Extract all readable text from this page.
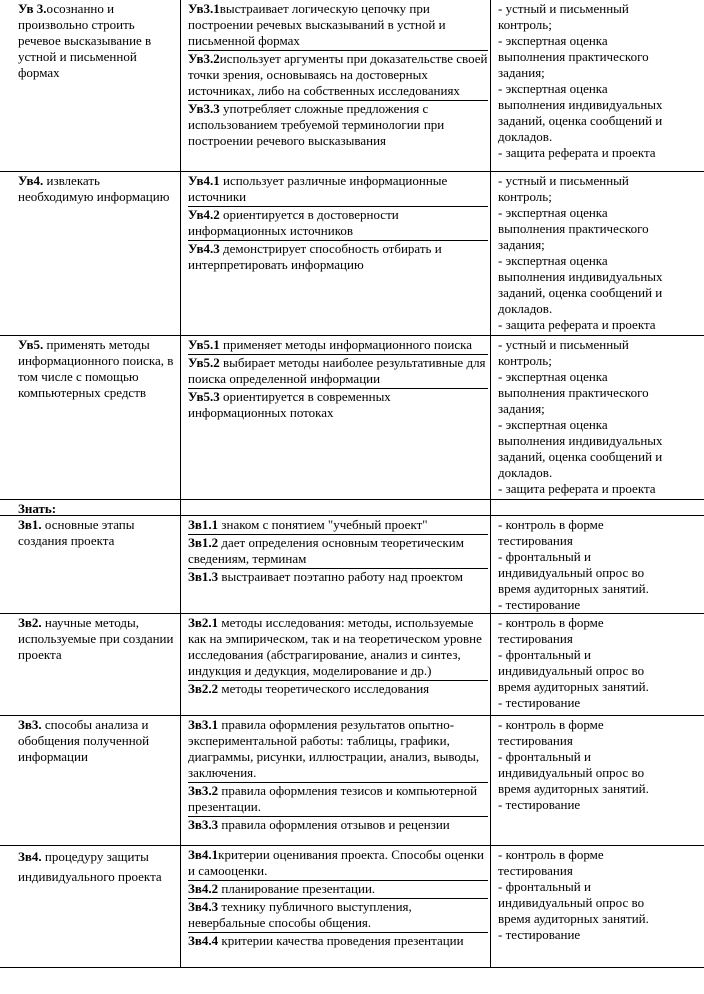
Ув 3.осознанно и произвольно строить речевое высказывание в устной и письменной формах
Ув3.1выстраивает логическую цепочку при построении речевых высказываний в устной и письменной формах
Ув3.2использует аргументы при доказательстве своей точки зрения, основываясь на достоверных источниках, либо на собственных исследованиях
Ув3.3 употребляет сложные предложения с использованием требуемой терминологии при построении речевого высказывания
- устный и письменный контроль;
- экспертная оценка выполнения практического задания;
- экспертная оценка выполнения индивидуальных заданий, оценка сообщений и докладов.
- защита реферата и проекта
Ув4. извлекать необходимую информацию
Ув4.1 использует различные информационные источники
Ув4.2 ориентируется в достоверности информационных источников
Ув4.3 демонстрирует способность отбирать и интерпретировать информацию
- устный и письменный контроль;
- экспертная оценка выполнения практического задания;
- экспертная оценка выполнения индивидуальных заданий, оценка сообщений и докладов.
- защита реферата и проекта
Ув5. применять методы информационного поиска, в том числе с помощью компьютерных средств
Ув5.1 применяет методы информационного поиска
Ув5.2 выбирает методы наиболее результативные для поиска определенной информации
Ув5.3 ориентируется в современных информационных потоках
- устный и письменный контроль;
- экспертная оценка выполнения практического задания;
- экспертная оценка выполнения индивидуальных заданий, оценка сообщений и докладов.
- защита реферата и проекта
Знать:
Зв1. основные этапы создания проекта
Зв1.1 знаком с понятием "учебный проект"
Зв1.2 дает определения основным теоретическим сведениям, терминам
Зв1.3 выстраивает поэтапно работу над проектом
- контроль в форме тестирования
- фронтальный и индивидуальный опрос во время аудиторных занятий.
- тестирование
Зв2. научные методы, используемые при создании проекта
Зв2.1 методы исследования: методы, используемые как на эмпирическом, так и на теоретическом уровне исследования (абстрагирование, анализ и синтез, индукция и дедукция, моделирование и др.)
Зв2.2 методы теоретического исследования
- контроль в форме тестирования
- фронтальный и индивидуальный опрос во время аудиторных занятий.
- тестирование
Зв3. способы анализа и обобщения полученной информации
Зв3.1 правила оформления результатов опытно-экспериментальной работы: таблицы, графики, диаграммы, рисунки, иллюстрации, анализ, выводы, заключения.
Зв3.2 правила оформления тезисов и компьютерной презентации.
Зв3.3 правила оформления отзывов и рецензии
- контроль в форме тестирования
- фронтальный и индивидуальный опрос во время аудиторных занятий.
- тестирование
Зв4. процедуру защиты индивидуального проекта
Зв4.1критерии оценивания проекта. Способы оценки и самооценки.
Зв4.2 планирование презентации.
Зв4.3 технику публичного выступления, невербальные способы общения.
Зв4.4 критерии качества проведения презентации
- контроль в форме тестирования
- фронтальный и индивидуальный опрос во время аудиторных занятий.
- тестирование
